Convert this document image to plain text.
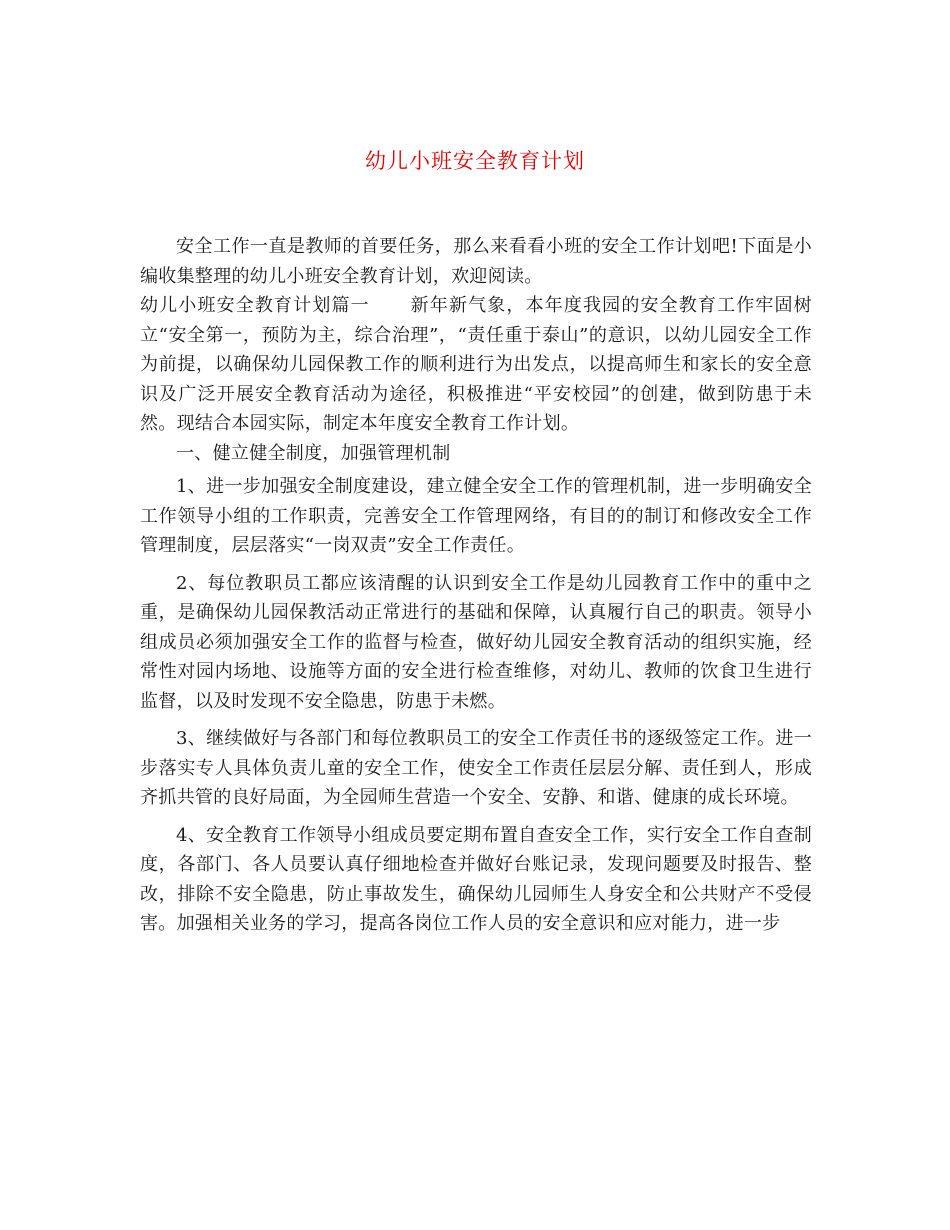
幼儿小班安全教育计划

安全工作一直是教师的首要任务，那么来看看小班的安全工作计划吧!下面是小编收集整理的幼儿小班安全教育计划，欢迎阅读。

幼儿小班安全教育计划篇一 新年新气象，本年度我园的安全教育工作牢固树立“安全第一，预防为主，综合治理”，“责任重于泰山”的意识，以幼儿园安全工作为前提，以确保幼儿园保教工作的顺利进行为出发点，以提高师生和家长的安全意识及广泛开展安全教育活动为途径，积极推进“平安校园”的创建，做到防患于未然。现结合本园实际，制定本年度安全教育工作计划。

一、健立健全制度，加强管理机制

1、进一步加强安全制度建设，建立健全安全工作的管理机制，进一步明确安全工作领导小组的工作职责，完善安全工作管理网络，有目的的制订和修改安全工作管理制度，层层落实“一岗双责”安全工作责任。

2、每位教职员工都应该清醒的认识到安全工作是幼儿园教育工作中的重中之重，是确保幼儿园保教活动正常进行的基础和保障，认真履行自己的职责。领导小组成员必须加强安全工作的监督与检查，做好幼儿园安全教育活动的组织实施，经常性对园内场地、设施等方面的安全进行检查维修，对幼儿、教师的饮食卫生进行监督，以及时发现不安全隐患，防患于未燃。

3、继续做好与各部门和每位教职员工的安全工作责任书的逐级签定工作。进一步落实专人具体负责儿童的安全工作，使安全工作责任层层分解、责任到人，形成齐抓共管的良好局面，为全园师生营造一个安全、安静、和谐、健康的成长环境。

4、安全教育工作领导小组成员要定期布置自查安全工作，实行安全工作自查制度，各部门、各人员要认真仔细地检查并做好台账记录，发现问题要及时报告、整改，排除不安全隐患，防止事故发生，确保幼儿园师生人身安全和公共财产不受侵害。加强相关业务的学习，提高各岗位工作人员的安全意识和应对能力，进一步
